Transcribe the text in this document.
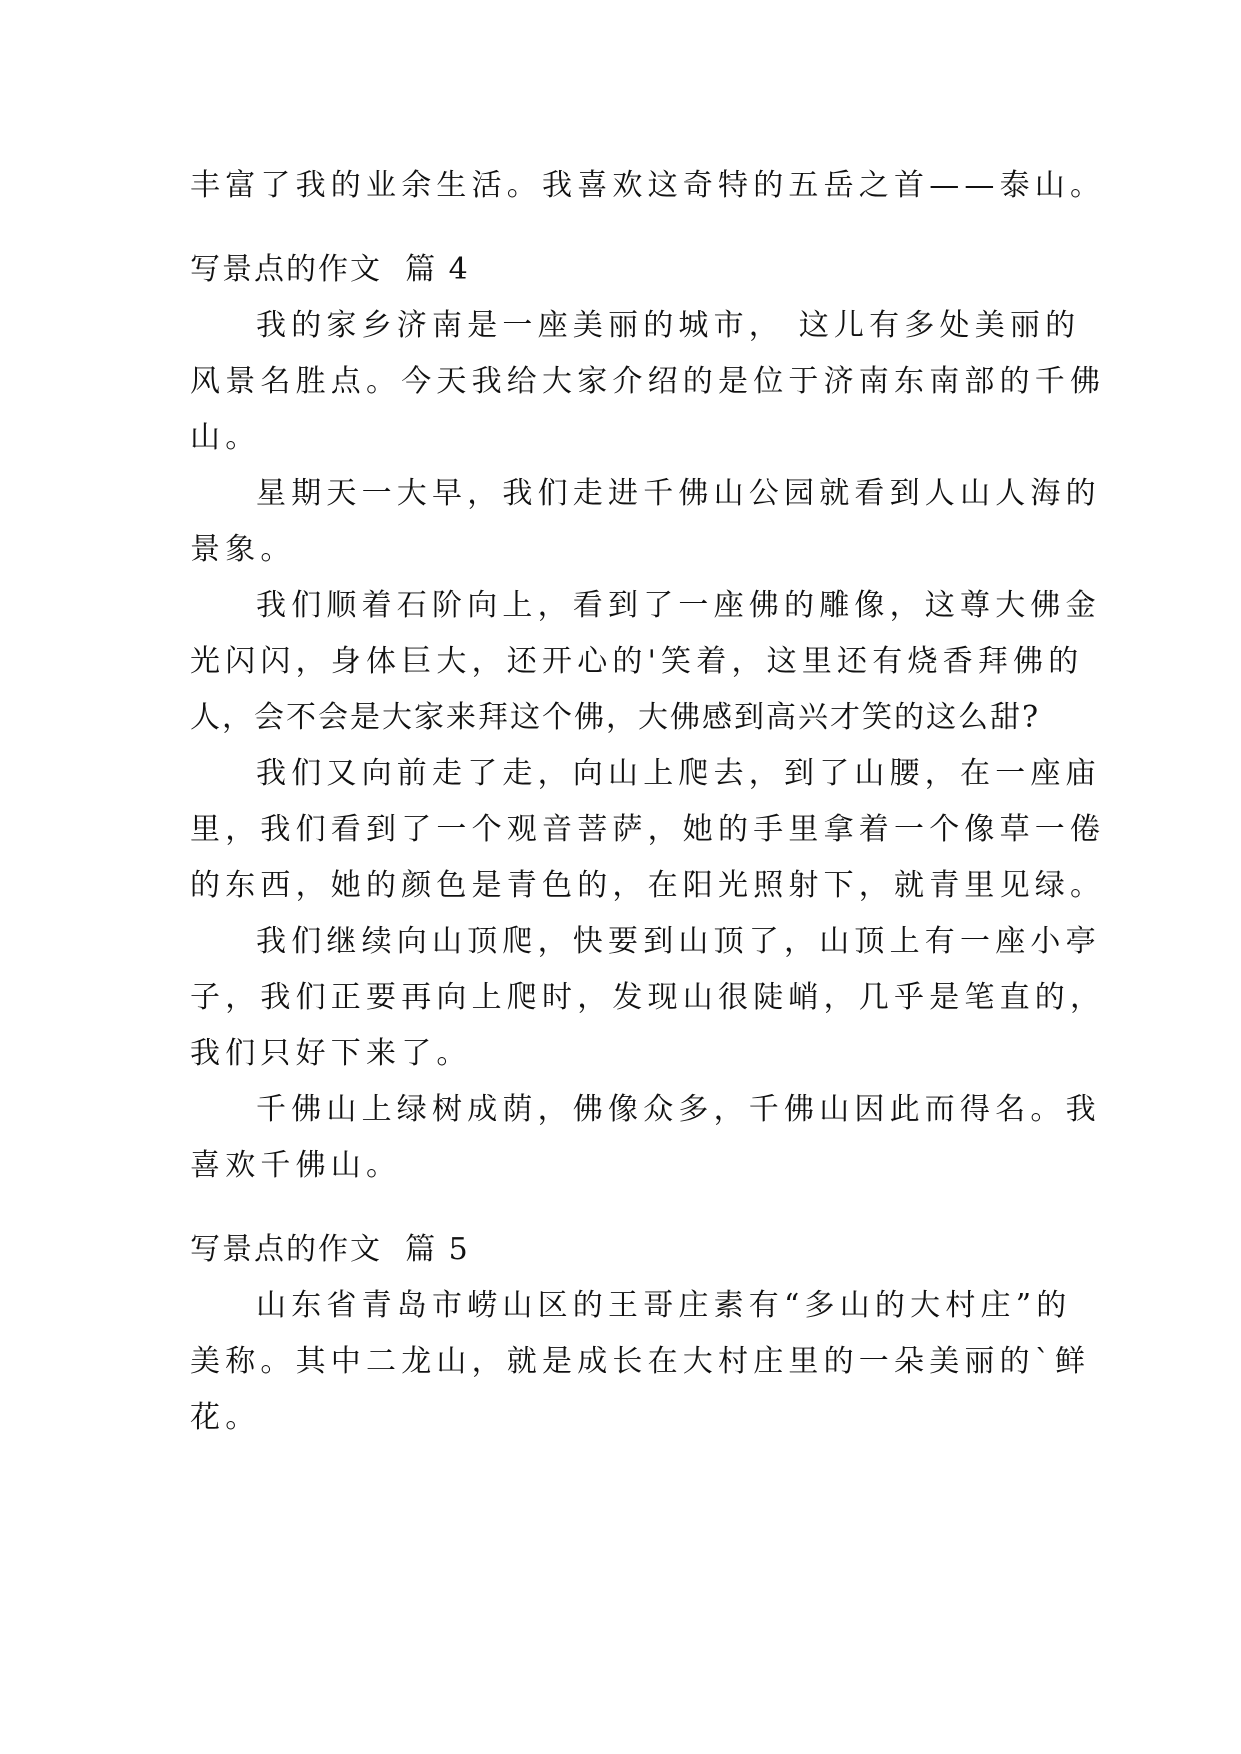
丰富了我的业余生活。我喜欢这奇特的五岳之首——泰山。

写景点的作文  篇 4

我的家乡济南是一座美丽的城市， 这儿有多处美丽的

风景名胜点。今天我给大家介绍的是位于济南东南部的千佛

山。

星期天一大早，我们走进千佛山公园就看到人山人海的

景象。

我们顺着石阶向上，看到了一座佛的雕像，这尊大佛金

光闪闪，身体巨大，还开心的'笑着，这里还有烧香拜佛的

人，会不会是大家来拜这个佛，大佛感到高兴才笑的这么甜?

我们又向前走了走，向山上爬去，到了山腰，在一座庙

里，我们看到了一个观音菩萨，她的手里拿着一个像草一倦

的东西，她的颜色是青色的，在阳光照射下，就青里见绿。

我们继续向山顶爬，快要到山顶了，山顶上有一座小亭

子，我们正要再向上爬时，发现山很陡峭，几乎是笔直的，

我们只好下来了。

千佛山上绿树成荫，佛像众多，千佛山因此而得名。我

喜欢千佛山。

写景点的作文  篇 5

山东省青岛市崂山区的王哥庄素有“多山的大村庄”的

美称。其中二龙山，就是成长在大村庄里的一朵美丽的`鲜

花。
